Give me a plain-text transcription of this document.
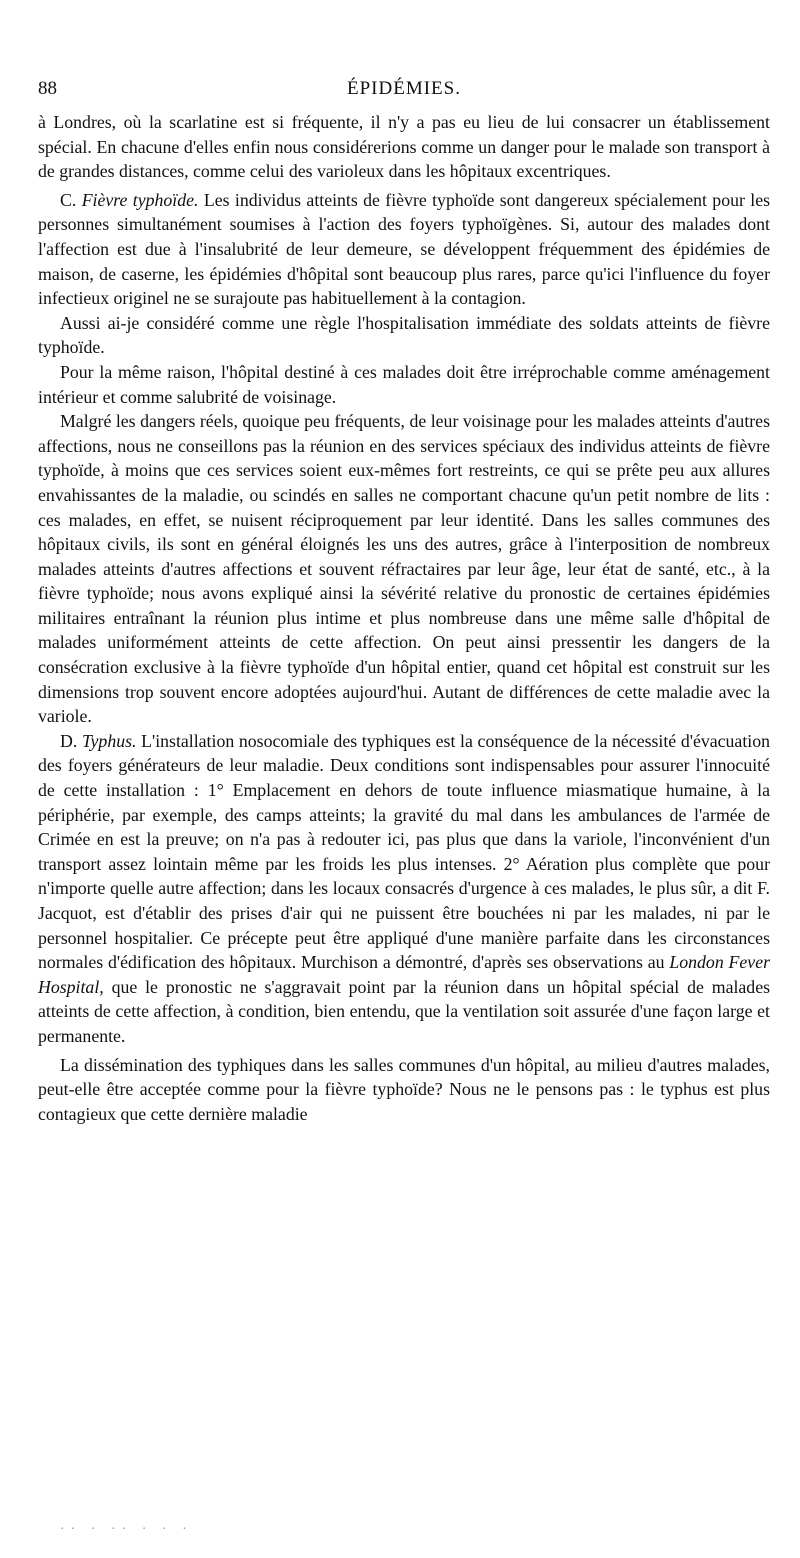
88	ÉPIDÉMIES.

à Londres, où la scarlatine est si fréquente, il n'y a pas eu lieu de lui consacrer un établissement spécial. En chacune d'elles enfin nous considérerions comme un danger pour le malade son transport à de grandes distances, comme celui des varioleux dans les hôpitaux excentriques.

C. Fièvre typhoïde. Les individus atteints de fièvre typhoïde sont dangereux spécialement pour les personnes simultanément soumises à l'action des foyers typhoïgènes. Si, autour des malades dont l'affection est due à l'insalubrité de leur demeure, se développent fréquemment des épidémies de maison, de caserne, les épidémies d'hôpital sont beaucoup plus rares, parce qu'ici l'influence du foyer infectieux originel ne se surajoute pas habituellement à la contagion.

Aussi ai-je considéré comme une règle l'hospitalisation immédiate des soldats atteints de fièvre typhoïde.

Pour la même raison, l'hôpital destiné à ces malades doit être irréprochable comme aménagement intérieur et comme salubrité de voisinage.

Malgré les dangers réels, quoique peu fréquents, de leur voisinage pour les malades atteints d'autres affections, nous ne conseillons pas la réunion en des services spéciaux des individus atteints de fièvre typhoïde, à moins que ces services soient eux-mêmes fort restreints, ce qui se prête peu aux allures envahissantes de la maladie, ou scindés en salles ne comportant chacune qu'un petit nombre de lits : ces malades, en effet, se nuisent réciproquement par leur identité. Dans les salles communes des hôpitaux civils, ils sont en général éloignés les uns des autres, grâce à l'interposition de nombreux malades atteints d'autres affections et souvent réfractaires par leur âge, leur état de santé, etc., à la fièvre typhoïde; nous avons expliqué ainsi la sévérité relative du pronostic de certaines épidémies militaires entraînant la réunion plus intime et plus nombreuse dans une même salle d'hôpital de malades uniformément atteints de cette affection. On peut ainsi pressentir les dangers de la consécration exclusive à la fièvre typhoïde d'un hôpital entier, quand cet hôpital est construit sur les dimensions trop souvent encore adoptées aujourd'hui. Autant de différences de cette maladie avec la variole.

D. Typhus. L'installation nosocomiale des typhiques est la conséquence de la nécessité d'évacuation des foyers générateurs de leur maladie. Deux conditions sont indispensables pour assurer l'innocuité de cette installation : 1° Emplacement en dehors de toute influence miasmatique humaine, à la périphérie, par exemple, des camps atteints; la gravité du mal dans les ambulances de l'armée de Crimée en est la preuve; on n'a pas à redouter ici, pas plus que dans la variole, l'inconvénient d'un transport assez lointain même par les froids les plus intenses. 2° Aération plus complète que pour n'importe quelle autre affection; dans les locaux consacrés d'urgence à ces malades, le plus sûr, a dit F. Jacquot, est d'établir des prises d'air qui ne puissent être bouchées ni par les malades, ni par le personnel hospitalier. Ce précepte peut être appliqué d'une manière parfaite dans les circonstances normales d'édification des hôpitaux. Murchison a démontré, d'après ses observations au London Fever Hospital, que le pronostic ne s'aggravait point par la réunion dans un hôpital spécial de malades atteints de cette affection, à condition, bien entendu, que la ventilation soit assurée d'une façon large et permanente.

La dissémination des typhiques dans les salles communes d'un hôpital, au milieu d'autres malades, peut-elle être acceptée comme pour la fièvre typhoïde? Nous ne le pensons pas : le typhus est plus contagieux que cette dernière maladie

·· · ·· · · ·
